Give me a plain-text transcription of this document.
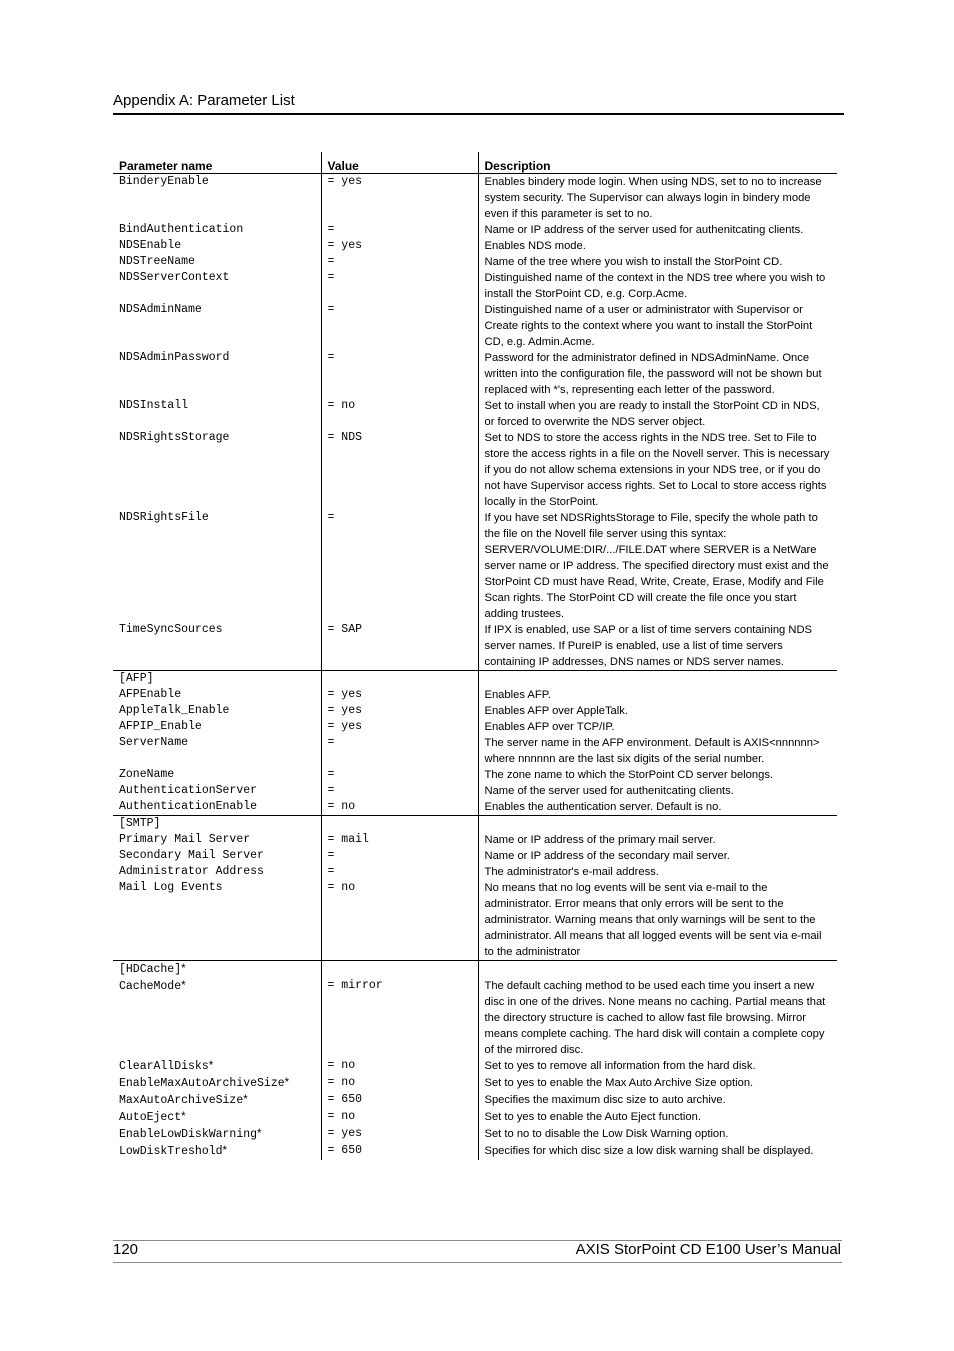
Appendix A: Parameter List
Parameter name	Value	Description
BinderyEnable	= yes	Enables bindery mode login. When using NDS, set to no to increase system security. The Supervisor can always login in bindery mode even if this parameter is set to no.
BindAuthentication	=	Name or IP address of the server used for authenitcating clients.
NDSEnable	= yes	Enables NDS mode.
NDSTreeName	=	Name of the tree where you wish to install the StorPoint CD.
NDSServerContext	=	Distinguished name of the context in the NDS tree where you wish to install the StorPoint CD, e.g. Corp.Acme.
NDSAdminName	=	Distinguished name of a user or administrator with Supervisor or Create rights to the context where you want to install the StorPoint CD, e.g. Admin.Acme.
NDSAdminPassword	=	Password for the administrator defined in NDSAdminName. Once written into the configuration file, the password will not be shown but replaced with *'s, representing each letter of the password.
NDSInstall	= no	Set to install when you are ready to install the StorPoint CD in NDS, or forced to overwrite the NDS server object.
NDSRightsStorage	= NDS	Set to NDS to store the access rights in the NDS tree. Set to File to store the access rights in a file on the Novell server. This is necessary if you do not allow schema extensions in your NDS tree, or if you do not have Supervisor access rights. Set to Local to store access rights locally in the StorPoint.
NDSRightsFile	=	If you have set NDSRightsStorage to File, specify the whole path to the file on the Novell file server using this syntax: SERVER/VOLUME:DIR/.../FILE.DAT where SERVER is a NetWare server name or IP address. The specified directory must exist and the StorPoint CD must have Read, Write, Create, Erase, Modify and File Scan rights. The StorPoint CD will create the file once you start adding trustees.
TimeSyncSources	= SAP	If IPX is enabled, use SAP or a list of time servers containing NDS server names. If PureIP is enabled, use a list of time servers containing IP addresses, DNS names or NDS server names.
[AFP]		
AFPEnable	= yes	Enables AFP.
AppleTalk_Enable	= yes	Enables AFP over AppleTalk.
AFPIP_Enable	= yes	Enables AFP over TCP/IP.
ServerName	=	The server name in the AFP environment. Default is AXIS<nnnnnn> where nnnnnn are the last six digits of the serial number.
ZoneName	=	The zone name to which the StorPoint CD server belongs.
AuthenticationServer	=	Name of the server used for authenitcating clients.
AuthenticationEnable	= no	Enables the authentication server. Default is no.
[SMTP]		
Primary Mail Server	= mail	Name or IP address of the primary mail server.
Secondary Mail Server	=	Name or IP address of the secondary mail server.
Administrator Address	=	The administrator's e-mail address.
Mail Log Events	= no	No means that no log events will be sent via e-mail to the administrator. Error means that only errors will be sent to the administrator. Warning means that only warnings will be sent to the administrator. All means that all logged events will be sent via e-mail to the administrator
[HDCache]*		
CacheMode*	= mirror	The default caching method to be used each time you insert a new disc in one of the drives. None means no caching. Partial means that the directory structure is cached to allow fast file browsing. Mirror means complete caching. The hard disk will contain a complete copy of the mirrored disc.
ClearAllDisks*	= no	Set to yes to remove all information from the hard disk.
EnableMaxAutoArchiveSize*	= no	Set to yes to enable the Max Auto Archive Size option.
MaxAutoArchiveSize*	= 650	Specifies the maximum disc size to auto archive.
AutoEject*	= no	Set to yes to enable the Auto Eject function.
EnableLowDiskWarning*	= yes	Set to no to disable the Low Disk Warning option.
LowDiskTreshold*	= 650	Specifies for which disc size a low disk warning shall be displayed.
120	AXIS StorPoint CD E100 User’s Manual
